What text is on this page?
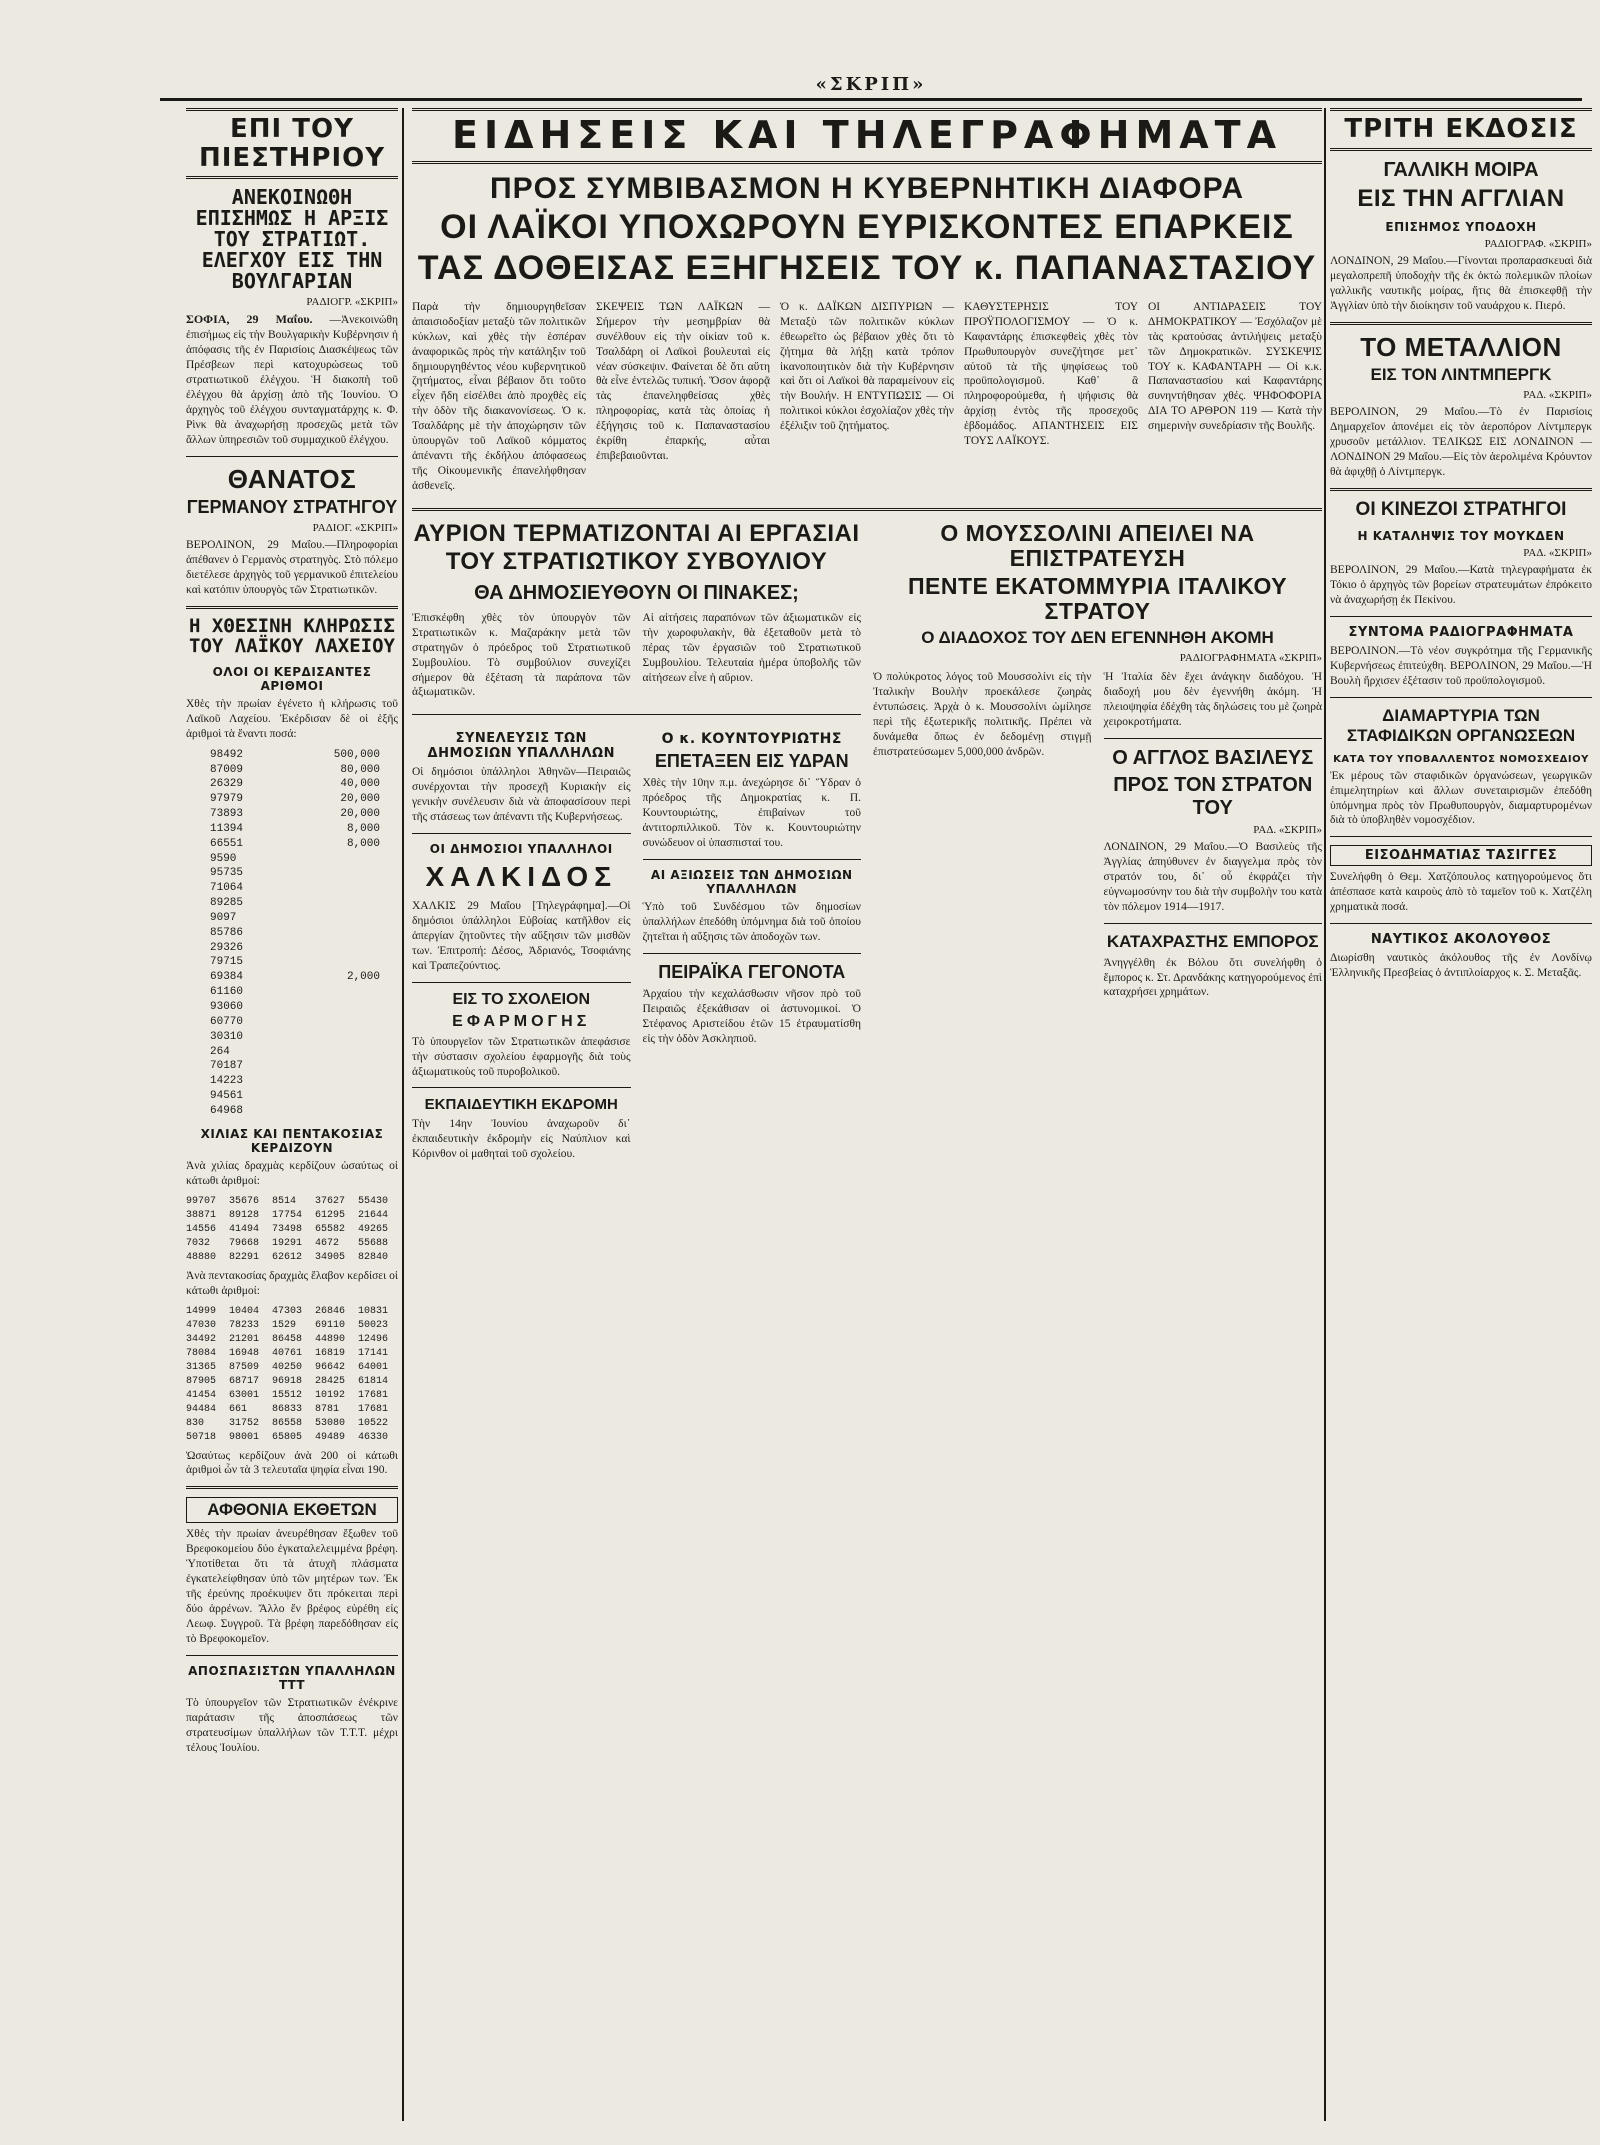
«ΣΚΡΙΠ»
ΕΠΙ ΤΟΥ ΠΙΕΣΤΗΡΙΟΥ
ΑΝΕΚΟΙΝΩΘΗ ΕΠΙΣΗΜΩΣ Η ΑΡΞΙΣ ΤΟΥ ΣΤΡΑΤΙΩΤ. ΕΛΕΓΧΟΥ ΕΙΣ ΤΗΝ ΒΟΥΛΓΑΡΙΑΝ
ΡΑΔΙΟΓΡ. «ΣΚΡΙΠ»

ΣΟΦΙΑ, 29 Μαΐου. —Ἀνεκοινώθη ἐπισήμως εἰς τὴν Βουλγαρικὴν Κυβέρνησιν ἡ ἀπόφασις τῆς ἐν Παρισίοις Διασκέψεως τῶν Πρέσβεων περὶ κατοχυρώσεως τοῦ στρατιωτικοῦ ἐλέγχου. Ἡ διακοπὴ τοῦ ἐλέγχου θὰ ἀρχίσῃ ἀπὸ τῆς Ἰουνίου. Ὁ ἀρχηγὸς τοῦ ἐλέγχου συνταγματάρχης κ. Φ. Ρὶνκ θὰ ἀναχωρήσῃ προσεχῶς μετὰ τῶν ἄλλων ὑπηρεσιῶν τοῦ συμμαχικοῦ ἐλέγχου.

ΘΑΝΑΤΟΣ
ΓΕΡΜΑΝΟΥ ΣΤΡΑΤΗΓΟΥ
ΡΑΔΙΟΓ. «ΣΚΡΙΠ»

ΒΕΡΟΛΙΝΟΝ, 29 Μαΐου.—Πληροφορίαι ἀπέθανεν ὁ Γερμανὸς στρατηγὸς. Στὸ πόλεμο διετέλεσε ἀρχηγὸς τοῦ γερμανικοῦ ἐπιτελείου καὶ κατόπιν ὑπουργὸς τῶν Στρατιωτικῶν.

Η ΧΘΕΣΙΝΗ ΚΛΗΡΩΣΙΣ ΤΟΥ ΛΑΪΚΟΥ ΛΑΧΕΙΟΥ
ΟΛΟΙ ΟΙ ΚΕΡΔΙΣΑΝΤΕΣ ΑΡΙΘΜΟΙ

Χθὲς τὴν πρωίαν ἐγένετο ἡ κλήρωσις τοῦ Λαϊκοῦ Λαχείου. Ἐκέρδισαν δὲ οἱ ἑξῆς ἀριθμοὶ τὰ ἔναντι ποσά:

98492	500,000
87009	80,000
26329	40,000
97979	20,000
73893	20,000
11394	8,000
66551	8,000
9590
95735
71064
89285
9097
85786
29326
79715
69384	2,000
61160
93060
60770
30310
264
70187
14223
94561
64968
ΧΙΛΙΑΣ ΚΑΙ ΠΕΝΤΑΚΟΣΙΑΣ ΚΕΡΔΙΖΟΥΝ

Ἀνὰ χιλίας δραχμὰς κερδίζουν ὡσαύτως οἱ κάτωθι ἀριθμοί:

99707	35676	8514	37627	55430
38871	89128	17754	61295	21644
14556	41494	73498	65582	49265
7032	79668	19291	4672	55688
48880	82291	62612	34905	82840

Ἀνὰ πεντακοσίας δραχμὰς ἔλαβον κερδίσει οἱ κάτωθι ἀριθμοί:

14999	10404	47303	26846	10831
47030	78233	1529	69110	50023
34492	21201	86458	44890	12496
78084	16948	40761	16819	17141
31365	87509	40250	96642	64001
87905	68717	96918	28425	61814
41454	63001	15512	10192	17681
94484	661	86833	8781	17681
830	31752	86558	53080	10522
50718	98001	65805	49489	46330

Ὡσαύτως κερδίζουν ἀνὰ 200 οἱ κάτωθι ἀριθμοὶ ὧν τὰ 3 τελευταῖα ψηφία εἶναι 190.

ΑΦΘΟΝΙΑ ΕΚΘΕΤΩΝ

Χθὲς τὴν πρωίαν ἀνευρέθησαν ἔξωθεν τοῦ Βρεφοκομείου δύο ἐγκαταλελειμμένα βρέφη. Ὑποτίθεται ὅτι τὰ ἀτυχῆ πλάσματα ἐγκατελείφθησαν ὑπὸ τῶν μητέρων των. Ἐκ τῆς ἐρεύνης προέκυψεν ὅτι πρόκειται περὶ δύο ἀρρένων. Ἄλλο ἕν βρέφος εὑρέθη εἰς Λεωφ. Συγγροῦ. Τὰ βρέφη παρεδόθησαν εἰς τὸ Βρεφοκομεῖον.

ΑΠΟΣΠΑΣΙΣΤΩΝ ΥΠΑΛΛΗΛΩΝ ΤΤΤ

Τὸ ὑπουργεῖον τῶν Στρατιωτικῶν ἐνέκρινε παράτασιν τῆς ἀποσπάσεως τῶν στρατευσίμων ὑπαλλήλων τῶν Τ.Τ.Τ. μέχρι τέλους Ἰουλίου.

ΕΙΔΗΣΕΙΣ ΚΑΙ ΤΗΛΕΓΡΑΦΗΜΑΤΑ
ΠΡΟΣ ΣΥΜΒΙΒΑΣΜΟΝ Η ΚΥΒΕΡΝΗΤΙΚΗ ΔΙΑΦΟΡΑ
ΟΙ ΛΑΪΚΟΙ ΥΠΟΧΩΡΟΥΝ ΕΥΡΙΣΚΟΝΤΕΣ ΕΠΑΡΚΕΙΣ
ΤΑΣ ΔΟΘΕΙΣΑΣ ΕΞΗΓΗΣΕΙΣ ΤΟΥ κ. ΠΑΠΑΝΑΣΤΑΣΙΟΥ

Παρὰ τὴν δημιουργηθεῖσαν ἀπαισιοδοξίαν μεταξὺ τῶν πολιτικῶν κύκλων, καὶ χθὲς τὴν ἑσπέραν ἀναφορικῶς πρὸς τὴν κατάληξιν τοῦ δημιουργηθέντος νέου κυβερνητικοῦ ζητήματος, εἶναι βέβαιον ὅτι τοῦτο εἶχεν ἤδη εἰσέλθει ἀπὸ προχθὲς εἰς τὴν ὁδὸν τῆς διακανονίσεως. Ὁ κ. Τσαλδάρης μὲ τὴν ἀποχώρησιν τῶν ὑπουργῶν τοῦ Λαϊκοῦ κόμματος ἀπέναντι τῆς ἐκδήλου ἀπόφασεως τῆς Οἰκουμενικῆς ἐπανελήφθησαν ἀσθενεῖς.

ΣΚΕΨΕΙΣ ΤΩΝ ΛΑΪΚΩΝ — Σήμερον τὴν μεσημβρίαν θὰ συνέλθουν εἰς τὴν οἰκίαν τοῦ κ. Τσαλδάρη οἱ Λαϊκοὶ βουλευταὶ εἰς νέαν σύσκεψιν. Φαίνεται δὲ ὅτι αὕτη θὰ εἶνε ἐντελῶς τυπική. Ὅσον ἀφορᾷ τὰς ἐπανεληφθείσας χθὲς πληροφορίας, κατὰ τὰς ὁποίας ἡ ἐξήγησις τοῦ κ. Παπαναστασίου ἐκρίθη ἐπαρκής, αὗται ἐπιβεβαιοῦνται.

Ὁ κ. ΔΑΪΚΩΝ ΔΙΣΠΥΡΙΩΝ — Μεταξὺ τῶν πολιτικῶν κύκλων ἐθεωρεῖτο ὡς βέβαιον χθὲς ὅτι τὸ ζήτημα θὰ λήξῃ κατὰ τρόπον ἱκανοποιητικὸν διὰ τὴν Κυβέρνησιν καὶ ὅτι οἱ Λαϊκοὶ θὰ παραμείνουν εἰς τὴν Βουλήν. Η ΕΝΤΥΠΩΣΙΣ — Οἱ πολιτικοὶ κύκλοι ἐσχολίαζον χθὲς τὴν ἐξέλιξιν τοῦ ζητήματος.

ΚΑΘΥΣΤΕΡΗΣΙΣ ΤΟΥ ΠΡΟΫΠΟΛΟΓΙΣΜΟΥ — Ὁ κ. Καφαντάρης ἐπισκεφθεὶς χθὲς τὸν Πρωθυπουργὸν συνεζήτησε μετ᾽ αὐτοῦ τὰ τῆς ψηφίσεως τοῦ προϋπολογισμοῦ. Καθ᾽ ἃ πληροφορούμεθα, ἡ ψήφισις θὰ ἀρχίσῃ ἐντὸς τῆς προσεχοῦς ἑβδομάδος. ΑΠΑΝΤΗΣΕΙΣ ΕΙΣ ΤΟΥΣ ΛΑΪΚΟΥΣ.

ΟΙ ΑΝΤΙΔΡΑΣΕΙΣ ΤΟΥ ΔΗΜΟΚΡΑΤΙΚΟΥ — Ἐσχόλαζον μὲ τὰς κρατούσας ἀντιλήψεις μεταξὺ τῶν Δημοκρατικῶν. ΣΥΣΚΕΨΙΣ ΤΟΥ κ. ΚΑΦΑΝΤΑΡΗ — Οἱ κ.κ. Παπαναστασίου καὶ Καφαντάρης συνηντήθησαν χθές. ΨΗΦΟΦΟΡΙΑ ΔΙΑ ΤΟ ΑΡΘΡΟΝ 119 — Κατὰ τὴν σημερινὴν συνεδρίασιν τῆς Βουλῆς.

ΑΥΡΙΟΝ ΤΕΡΜΑΤΙΖΟΝΤΑΙ ΑΙ ΕΡΓΑΣΙΑΙ
ΤΟΥ ΣΤΡΑΤΙΩΤΙΚΟΥ ΣΥΒΟΥΛΙΟΥ
ΘΑ ΔΗΜΟΣΙΕΥΘΟΥΝ ΟΙ ΠΙΝΑΚΕΣ;

Ἐπισκέφθη χθὲς τὸν ὑπουργὸν τῶν Στρατιωτικῶν κ. Μαζαράκην μετὰ τῶν στρατηγῶν ὁ πρόεδρος τοῦ Στρατιωτικοῦ Συμβουλίου. Τὸ συμβούλιον συνεχίζει σήμερον θὰ ἐξέταση τὰ παράπονα τῶν ἀξιωματικῶν.

Αἱ αἰτήσεις παραπόνων τῶν ἀξιωματικῶν εἰς τὴν χωροφυλακὴν, θὰ ἐξεταθοῦν μετὰ τὸ πέρας τῶν ἐργασιῶν τοῦ Στρατιωτικοῦ Συμβουλίου. Τελευταία ἡμέρα ὑποβολῆς τῶν αἰτήσεων εἶνε ἡ αὔριον.

ΣΥΝΕΛΕΥΣΙΣ ΤΩΝ ΔΗΜΟΣΙΩΝ ΥΠΑΛΛΗΛΩΝ

Οἱ δημόσιοι ὑπάλληλοι Ἀθηνῶν—Πειραιῶς συνέρχονται τὴν προσεχῆ Κυριακὴν εἰς γενικὴν συνέλευσιν διὰ νὰ ἀποφασίσουν περὶ τῆς στάσεως των ἀπέναντι τῆς Κυβερνήσεως.

ΟΙ ΔΗΜΟΣΙΟΙ ΥΠΑΛΛΗΛΟΙ
ΧΑΛΚΙΔΟΣ

ΧΑΛΚΙΣ 29 Μαΐου [Τηλεγράφημα].—Οἱ δημόσιοι ὑπάλληλοι Εὐβοίας κατῆλθον εἰς ἀπεργίαν ζητοῦντες τὴν αὔξησιν τῶν μισθῶν των. Ἐπιτροπή: Δέσος, Ἀδριανός, Τσοφιάνης καὶ Τραπεζούντιος.

ΕΙΣ ΤΟ ΣΧΟΛΕΙΟΝ
ΕΦΑΡΜΟΓΗΣ

Τὸ ὑπουργεῖον τῶν Στρατιωτικῶν ἀπεφάσισε τὴν σύστασιν σχολείου ἐφαρμογῆς διὰ τοὺς ἀξιωματικοὺς τοῦ πυροβολικοῦ.

ΕΚΠΑΙΔΕΥΤΙΚΗ ΕΚΔΡΟΜΗ

Τὴν 14ην Ἰουνίου ἀναχωροῦν δι᾽ ἐκπαιδευτικὴν ἐκδρομὴν εἰς Ναύπλιον καὶ Κόρινθον οἱ μαθηταὶ τοῦ σχολείου.

Ο κ. ΚΟΥΝΤΟΥΡΙΩΤΗΣ
ΕΠΕΤΑΞΕΝ ΕΙΣ ΥΔΡΑΝ

Χθὲς τὴν 10ην π.μ. ἀνεχώρησε δι᾽ Ὕδραν ὁ πρόεδρος τῆς Δημοκρατίας κ. Π. Κουντουριώτης, ἐπιβαίνων τοῦ ἀντιτορπιλλικοῦ. Τὸν κ. Κουντουριώτην συνώδευον οἱ ὑπασπισταί του.

ΑΙ ΑΞΙΩΣΕΙΣ ΤΩΝ ΔΗΜΟΣΙΩΝ ΥΠΑΛΛΗΛΩΝ

Ὑπὸ τοῦ Συνδέσμου τῶν δημοσίων ὑπαλλήλων ἐπεδόθη ὑπόμνημα διὰ τοῦ ὁποίου ζητεῖται ἡ αὔξησις τῶν ἀποδοχῶν των.

ΠΕΙΡΑΪΚΑ ΓΕΓΟΝΟΤΑ

Ἀρχαίου τὴν κεχαλάσθωσιν νῆσον πρὸ τοῦ Πειραιῶς ἐξεκάθισαν οἱ ἀστυνομικοί. Ὁ Στέφανος Αριστείδου ἐτῶν 15 ἐτραυματίσθη εἰς τὴν ὁδὸν Ἀσκληπιοῦ.

Ο ΜΟΥΣΣΟΛΙΝΙ ΑΠΕΙΛΕΙ ΝΑ ΕΠΙΣΤΡΑΤΕΥΣΗ
ΠΕΝΤΕ ΕΚΑΤΟΜΜΥΡΙΑ ΙΤΑΛΙΚΟΥ ΣΤΡΑΤΟΥ
Ο ΔΙΑΔΟΧΟΣ ΤΟΥ ΔΕΝ ΕΓΕΝΝΗΘΗ ΑΚΟΜΗ
ΡΑΔΙΟΓΡΑΦΗΜΑΤΑ «ΣΚΡΙΠ»

Ὁ πολύκροτος λόγος τοῦ Μουσσολίνι εἰς τὴν Ἰταλικὴν Βουλὴν προεκάλεσε ζωηρὰς ἐντυπώσεις. Ἀρχὰ ὁ κ. Μουσσολίνι ὡμίλησε περὶ τῆς ἐξωτερικῆς πολιτικῆς. Πρέπει νὰ δυνάμεθα ὅπως ἐν δεδομένῃ στιγμῇ ἐπιστρατεύσωμεν 5,000,000 ἀνδρῶν.

Ἡ Ἰταλία δὲν ἔχει ἀνάγκην διαδόχου. Ἡ διαδοχή μου δὲν ἐγεννήθη ἀκόμη. Ἡ πλειοψηφία ἐδέχθη τὰς δηλώσεις του μὲ ζωηρὰ χειροκροτήματα.

Ο ΑΓΓΛΟΣ ΒΑΣΙΛΕΥΣ
ΠΡΟΣ ΤΟΝ ΣΤΡΑΤΟΝ ΤΟΥ
ΡΑΔ. «ΣΚΡΙΠ»

ΛΟΝΔΙΝΟΝ, 29 Μαΐου.—Ὁ Βασιλεὺς τῆς Ἀγγλίας ἀπηύθυνεν ἐν διαγγελμα πρὸς τὸν στρατόν του, δι᾽ οὗ ἐκφράζει τὴν εὐγνωμοσύνην του διὰ τὴν συμβολὴν του κατὰ τὸν πόλεμον 1914—1917.

ΚΑΤΑΧΡΑΣΤΗΣ ΕΜΠΟΡΟΣ

Ἀνηγγέλθη ἐκ Βόλου ὅτι συνελήφθη ὁ ἔμπορος κ. Στ. Δρανδάκης κατηγορούμενος ἐπὶ καταχρήσει χρημάτων.

ΤΡΙΤΗ ΕΚΔΟΣΙΣ
ΓΑΛΛΙΚΗ ΜΟΙΡΑ
ΕΙΣ ΤΗΝ ΑΓΓΛΙΑΝ
ΕΠΙΣΗΜΟΣ ΥΠΟΔΟΧΗ
ΡΑΔΙΟΓΡΑΦ. «ΣΚΡΙΠ»

ΛΟΝΔΙΝΟΝ, 29 Μαΐου.—Γίνονται προπαρασκευαὶ διὰ μεγαλοπρεπῆ ὑποδοχὴν τῆς ἐκ ὀκτὼ πολεμικῶν πλοίων γαλλικῆς ναυτικῆς μοίρας, ἥτις θὰ ἐπισκεφθῇ τὴν Ἀγγλίαν ὑπὸ τὴν διοίκησιν τοῦ ναυάρχου κ. Πιερό.

ΤΟ ΜΕΤΑΛΛΙΟΝ
ΕΙΣ ΤΟΝ ΛΙΝΤΜΠΕΡΓΚ
ΡΑΔ. «ΣΚΡΙΠ»

ΒΕΡΟΛΙΝΟΝ, 29 Μαΐου.—Τὸ ἐν Παρισίοις Δημαρχεῖον ἀπονέμει εἰς τὸν ἀεροπόρον Λίντμπεργκ χρυσοῦν μετάλλιον. ΤΕΛΙΚΩΣ ΕΙΣ ΛΟΝΔΙΝΟΝ — ΛΟΝΔΙΝΟΝ 29 Μαΐου.—Εἰς τὸν ἀερολιμένα Κρόυντον θὰ ἀφιχθῇ ὁ Λίντμπεργκ.

ΟΙ ΚΙΝΕΖΟΙ ΣΤΡΑΤΗΓΟΙ
Η ΚΑΤΑΛΗΨΙΣ ΤΟΥ ΜΟΥΚΔΕΝ
ΡΑΔ. «ΣΚΡΙΠ»

ΒΕΡΟΛΙΝΟΝ, 29 Μαΐου.—Κατὰ τηλεγραφήματα ἐκ Τόκιο ὁ ἀρχηγὸς τῶν βορείων στρατευμάτων ἐπρόκειτο νὰ ἀναχωρήσῃ ἐκ Πεκίνου.

ΣΥΝΤΟΜΑ ΡΑΔΙΟΓΡΑΦΗΜΑΤΑ

ΒΕΡΟΛΙΝΟΝ.—Τὸ νέον συγκρότημα τῆς Γερμανικῆς Κυβερνήσεως ἐπιτεύχθη. ΒΕΡΟΛΙΝΟΝ, 29 Μαΐου.—Ἡ Βουλὴ ἤρχισεν ἐξέτασιν τοῦ προϋπολογισμοῦ.

ΔΙΑΜΑΡΤΥΡΙΑ ΤΩΝ ΣΤΑΦΙΔΙΚΩΝ ΟΡΓΑΝΩΣΕΩΝ
ΚΑΤΑ ΤΟΥ ΥΠΟΒΑΛΛΕΝΤΟΣ ΝΟΜΟΣΧΕΔΙΟΥ

Ἐκ μέρους τῶν σταφιδικῶν ὀργανώσεων, γεωργικῶν ἐπιμελητηρίων καὶ ἄλλων συνεταιρισμῶν ἐπεδόθη ὑπόμνημα πρὸς τὸν Πρωθυπουργὸν, διαμαρτυρομένων διὰ τὸ ὑποβληθὲν νομοσχέδιον.

ΕΙΣΟΔΗΜΑΤΙΑΣ ΤΑΣΙΓΓΕΣ

Συνελήφθη ὁ Θεμ. Χατζόπουλος κατηγορούμενος ὅτι ἀπέσπασε κατὰ καιροὺς ἀπὸ τὸ ταμεῖον τοῦ κ. Χατζέλη χρηματικὰ ποσά.

ΝΑΥΤΙΚΟΣ ΑΚΟΛΟΥΘΟΣ

Διωρίσθη ναυτικὸς ἀκόλουθος τῆς ἐν Λονδίνῳ Ἑλληνικῆς Πρεσβείας ὁ ἀντιπλοίαρχος κ. Σ. Μεταξᾶς.
